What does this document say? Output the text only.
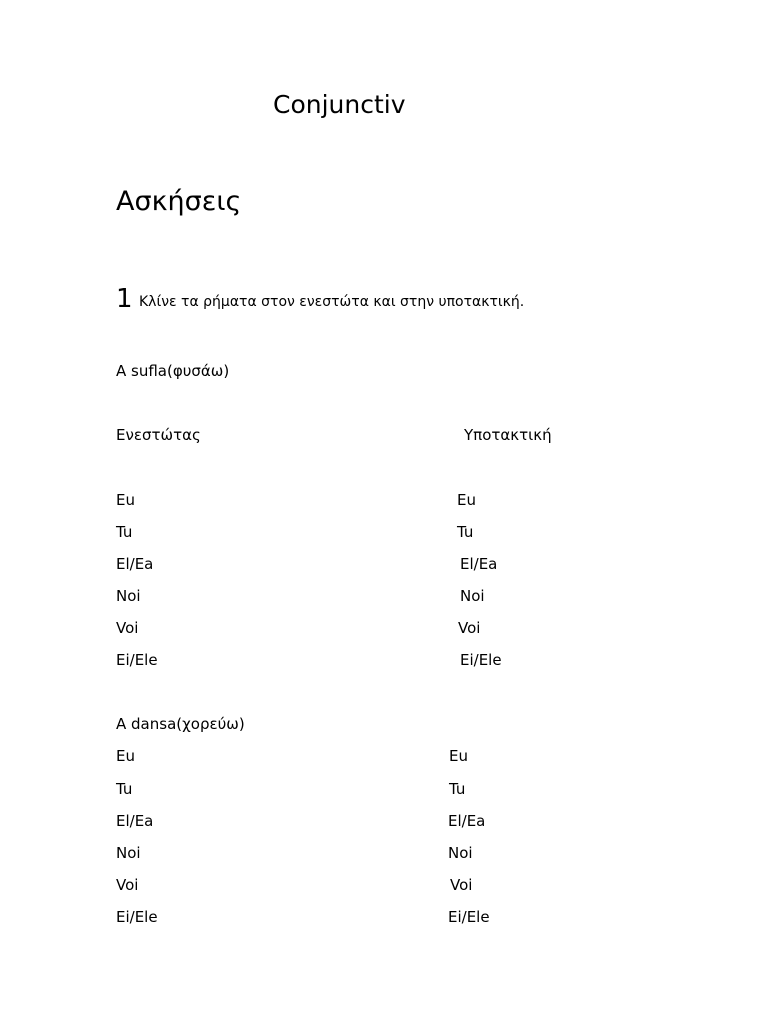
Conjunctiv
Ασκήσεις
1 Κλίνε τα ρήματα στον ενεστώτα και στην υποτακτική.
A sufla(φυσάω)
Ενεστώτας	Υποτακτική
Eu
Tu
El/Ea
Noi
Voi
Ei/Ele
Eu
Tu
El/Ea
Noi
Voi
Ei/Ele
A dansa(χορεύω)
Eu
Tu
El/Ea
Noi
Voi
Ei/Ele
Eu
Tu
El/Ea
Noi
Voi
Ei/Ele
